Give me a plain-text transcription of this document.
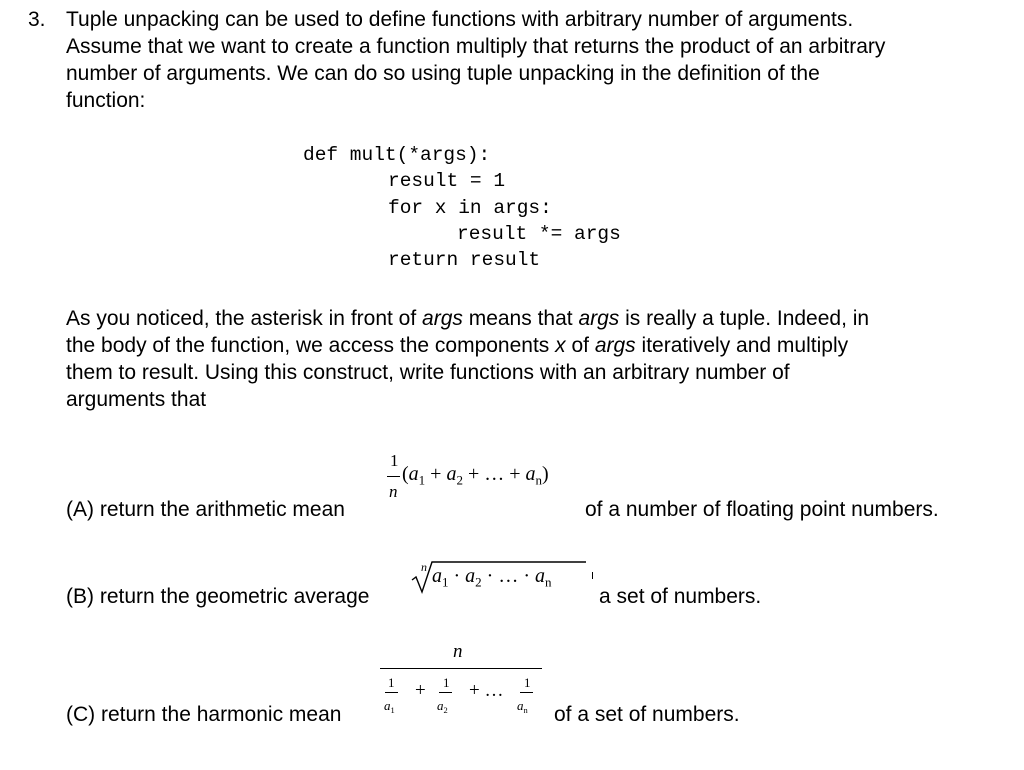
3. Tuple unpacking can be used to define functions with arbitrary number of arguments.
Assume that we want to create a function multiply that returns the product of an arbitrary
number of arguments. We can do so using tuple unpacking in the definition of the
function:
def mult(*args):
result = 1
for x in args:
result *= args
return result
As you noticed, the asterisk in front of args means that args is really a tuple. Indeed, in
the body of the function, we access the components x of args iteratively and multiply
them to result. Using this construct, write functions with an arbitrary number of
arguments that
(A) return the arithmetic mean
1
n
($a_1 + a_2$ + … + $a_n$)
of a number of floating point numbers.
(B) return the geometric average
n $a_1 \cdot a_2$ · … · $a_n$
a set of numbers.
(C) return the harmonic mean
n
1
$a_1$
+ 1
$a_2$
+ … 1
$a_n$ of a set of numbers.
